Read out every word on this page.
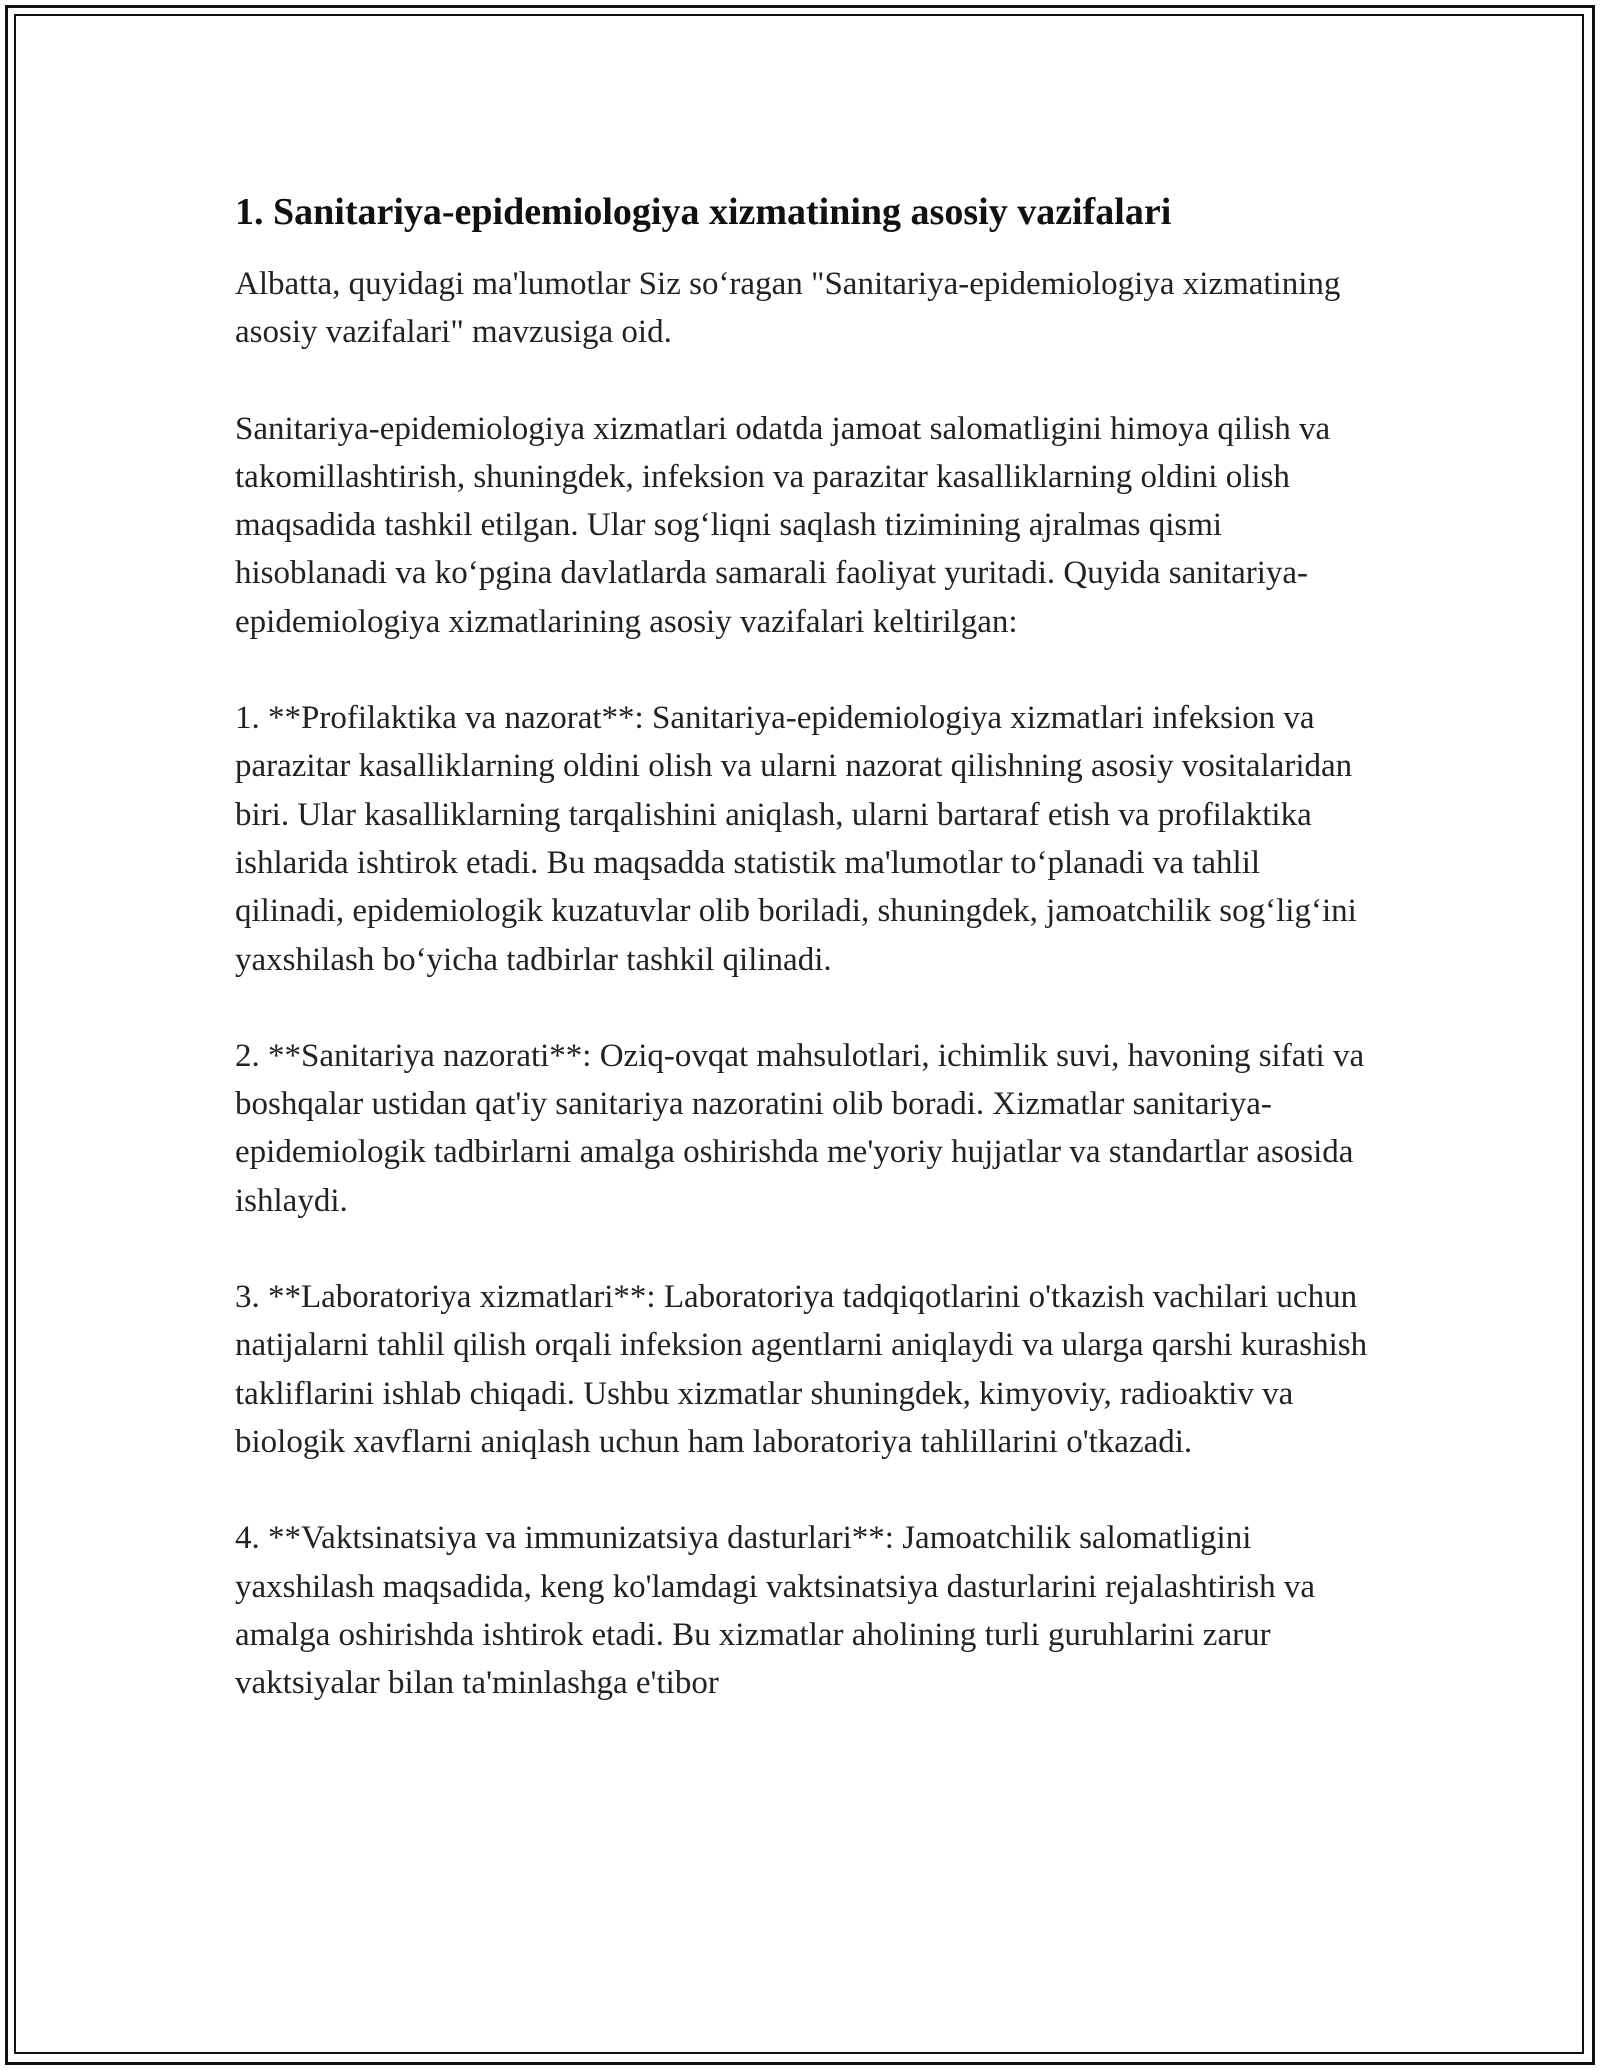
1. Sanitariya-epidemiologiya xizmatining asosiy vazifalari

Albatta, quyidagi ma'lumotlar Siz so‘ragan "Sanitariya-epidemiologiya xizmatining asosiy vazifalari" mavzusiga oid.

Sanitariya-epidemiologiya xizmatlari odatda jamoat salomatligini himoya qilish va takomillashtirish, shuningdek, infeksion va parazitar kasalliklarning oldini olish maqsadida tashkil etilgan. Ular sog‘liqni saqlash tizimining ajralmas qismi hisoblanadi va ko‘pgina davlatlarda samarali faoliyat yuritadi. Quyida sanitariya-epidemiologiya xizmatlarining asosiy vazifalari keltirilgan:

1. **Profilaktika va nazorat**: Sanitariya-epidemiologiya xizmatlari infeksion va parazitar kasalliklarning oldini olish va ularni nazorat qilishning asosiy vositalaridan biri. Ular kasalliklarning tarqalishini aniqlash, ularni bartaraf etish va profilaktika ishlarida ishtirok etadi. Bu maqsadda statistik ma'lumotlar to‘planadi va tahlil qilinadi, epidemiologik kuzatuvlar olib boriladi, shuningdek, jamoatchilik sog‘lig‘ini yaxshilash bo‘yicha tadbirlar tashkil qilinadi.

2. **Sanitariya nazorati**: Oziq-ovqat mahsulotlari, ichimlik suvi, havoning sifati va boshqalar ustidan qat'iy sanitariya nazoratini olib boradi. Xizmatlar sanitariya-epidemiologik tadbirlarni amalga oshirishda me'yoriy hujjatlar va standartlar asosida ishlaydi.

3. **Laboratoriya xizmatlari**: Laboratoriya tadqiqotlarini o'tkazish vachilari uchun natijalarni tahlil qilish orqali infeksion agentlarni aniqlaydi va ularga qarshi kurashish takliflarini ishlab chiqadi. Ushbu xizmatlar shuningdek, kimyoviy, radioaktiv va biologik xavflarni aniqlash uchun ham laboratoriya tahlillarini o'tkazadi.

4. **Vaktsinatsiya va immunizatsiya dasturlari**: Jamoatchilik salomatligini yaxshilash maqsadida, keng ko'lamdagi vaktsinatsiya dasturlarini rejalashtirish va amalga oshirishda ishtirok etadi. Bu xizmatlar aholining turli guruhlarini zarur vaktsiyalar bilan ta'minlashga e'tibor
